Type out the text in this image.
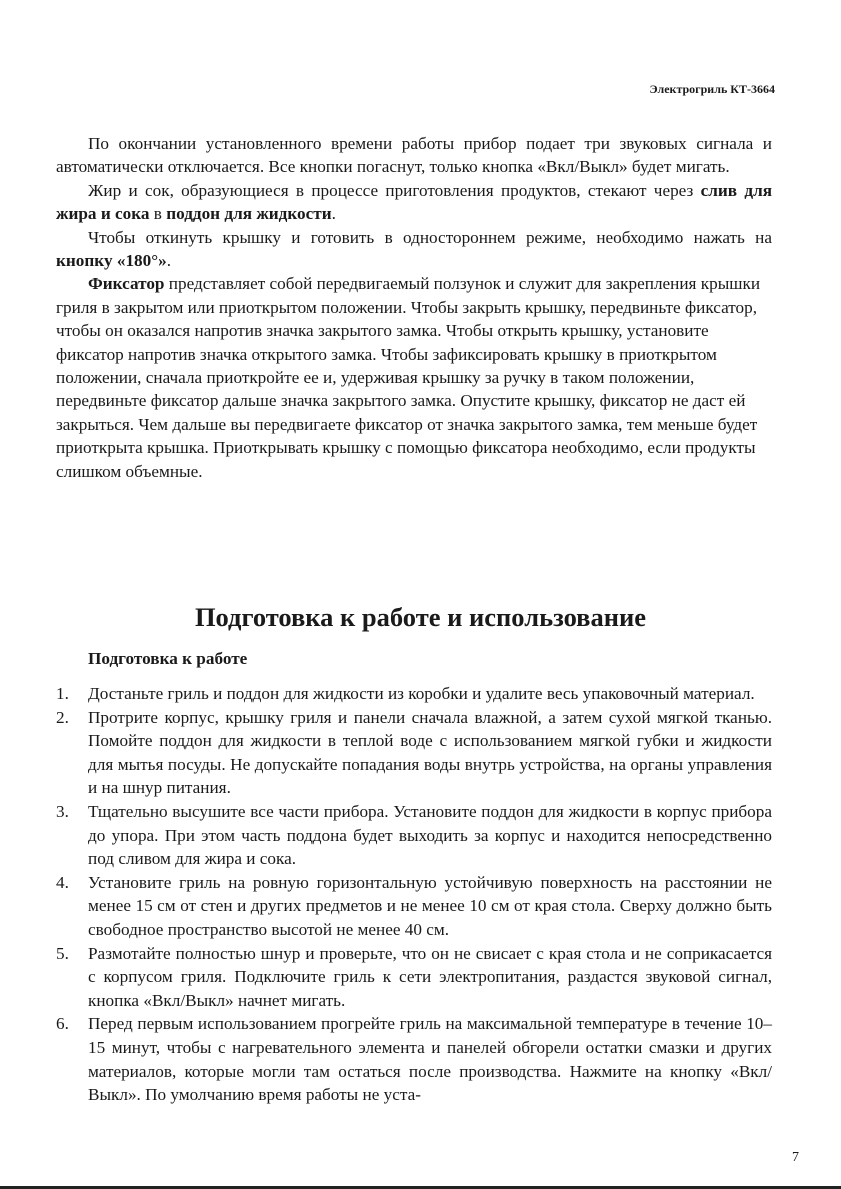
Электрогриль КТ-3664

По окончании установленного времени работы прибор подает три звуковых сигнала и автоматически отключается. Все кнопки погаснут, только кнопка «Вкл/Выкл» будет мигать.

Жир и сок, образующиеся в процессе приготовления продуктов, стекают через слив для жира и сока в поддон для жидкости.

Чтобы откинуть крышку и готовить в одностороннем режиме, необходимо нажать на кнопку «180°».

Фиксатор представляет собой передвигаемый ползунок и служит для закрепления крышки гриля в закрытом или приоткрытом положении. Чтобы закрыть крышку, передвиньте фиксатор, чтобы он оказался напротив значка закрытого замка. Чтобы открыть крышку, установите фиксатор напротив значка открытого замка. Чтобы зафиксировать крышку в приоткрытом положении, сначала приоткройте ее и, удерживая крышку за ручку в таком положении, передвиньте фиксатор дальше значка закрытого замка. Опустите крышку, фиксатор не даст ей закрыться. Чем дальше вы передвигаете фиксатор от значка закрытого замка, тем меньше будет приоткрыта крышка. Приоткрывать крышку с помощью фиксатора необходимо, если продукты слишком объемные.

Подготовка к работе и использование
Подготовка к работе
1. Достаньте гриль и поддон для жидкости из коробки и удалите весь упаковочный материал.
2. Протрите корпус, крышку гриля и панели сначала влажной, а затем сухой мягкой тканью. Помойте поддон для жидкости в теплой воде с использованием мягкой губки и жидкости для мытья посуды. Не допускайте попадания воды внутрь устройства, на органы управления и на шнур питания.
3. Тщательно высушите все части прибора. Установите поддон для жидкости в корпус прибора до упора. При этом часть поддона будет выходить за корпус и находится непосредственно под сливом для жира и сока.
4. Установите гриль на ровную горизонтальную устойчивую поверхность на расстоянии не менее 15 см от стен и других предметов и не менее 10 см от края стола. Сверху должно быть свободное пространство высотой не менее 40 см.
5. Размотайте полностью шнур и проверьте, что он не свисает с края стола и не соприкасается с корпусом гриля. Подключите гриль к сети электропитания, раздастся звуковой сигнал, кнопка «Вкл/Выкл» начнет мигать.
6. Перед первым использованием прогрейте гриль на максимальной температуре в течение 10–15 минут, чтобы с нагревательного элемента и панелей обгорели остатки смазки и других материалов, которые могли там остаться после производства. Нажмите на кнопку «Вкл/Выкл». По умолчанию время работы не уста-
7
